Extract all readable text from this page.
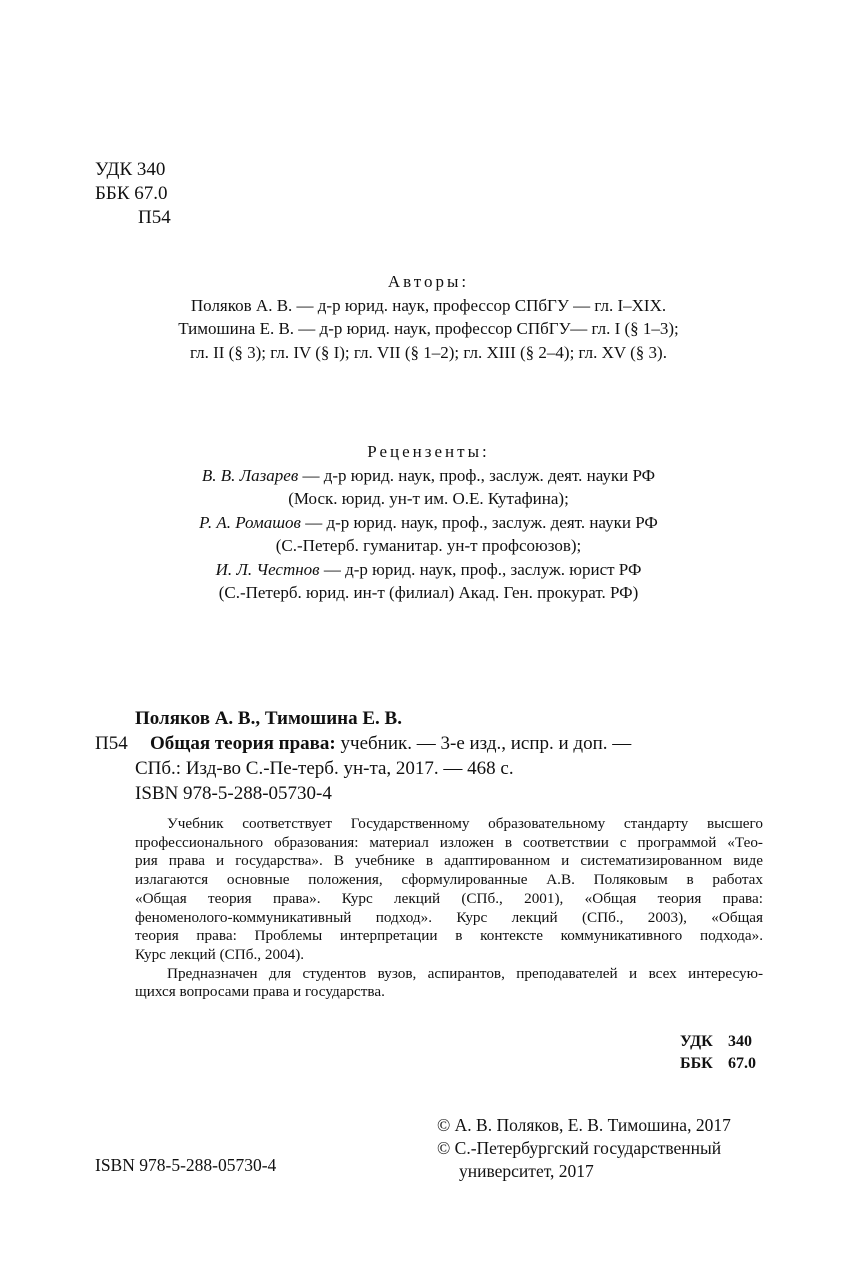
УДК 340
ББК 67.0
П54
Авторы:
Поляков А. В. — д-р юрид. наук, профессор СПбГУ — гл. I–XIX.
Тимошина Е. В. — д-р юрид. наук, профессор СПбГУ— гл. I (§ 1–3);
гл. II (§ 3); гл. IV (§ I); гл. VII (§ 1–2); гл. XIII (§ 2–4); гл. XV (§ 3).
Рецензенты:
В. В. Лазарев — д-р юрид. наук, проф., заслуж. деят. науки РФ
(Моск. юрид. ун-т им. О.Е. Кутафина);
Р. А. Ромашов — д-р юрид. наук, проф., заслуж. деят. науки РФ
(С.-Петерб. гуманитар. ун-т профсоюзов);
И. Л. Честнов — д-р юрид. наук, проф., заслуж. юрист РФ
(С.-Петерб. юрид. ин-т (филиал) Акад. Ген. прокурат. РФ)
Поляков А. В., Тимошина Е. В.
П54	Общая теория права: учебник. — 3-е изд., испр. и доп. —
СПб.: Изд-во С.-Пе-терб. ун-та, 2017. — 468 с.
ISBN 978-5-288-05730-4

Учебник соответствует Государственному образовательному стандарту высшего
профессионального образования: материал изложен в соответствии с программой «Тео-
рия права и государства». В учебнике в адаптированном и систематизированном виде
излагаются основные положения, сформулированные А.В. Поляковым в работах
«Общая теория права». Курс лекций (СПб., 2001), «Общая теория права:
феноменолого-коммуникативный подход». Курс лекций (СПб., 2003), «Общая
теория права: Проблемы интерпретации в контексте коммуникативного подхода».
Курс лекций (СПб., 2004).

Предназначен для студентов вузов, аспирантов, преподавателей и всех интересую-
щихся вопросами права и государства.

УДК 340
ББК 67.0
© А. В. Поляков, Е. В. Тимошина, 2017
© С.-Петербургский государственный
университет, 2017
ISBN 978-5-288-05730-4
